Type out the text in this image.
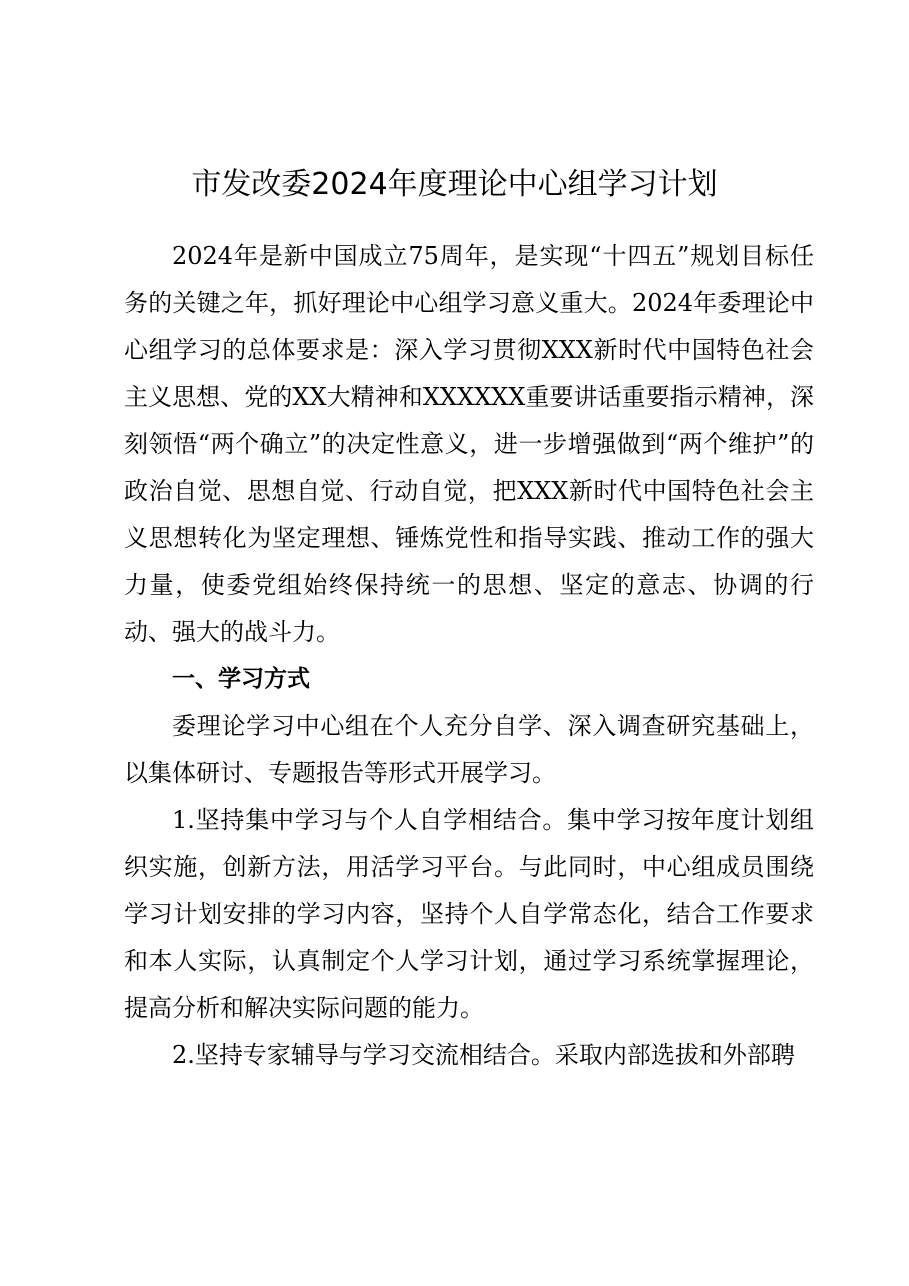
市发改委2024年度理论中心组学习计划

2024年是新中国成立75周年，是实现“十四五”规划目标任务的关键之年，抓好理论中心组学习意义重大。2024年委理论中心组学习的总体要求是：深入学习贯彻XXX新时代中国特色社会主义思想、党的XX大精神和XXXXXX重要讲话重要指示精神，深刻领悟“两个确立”的决定性意义，进一步增强做到“两个维护”的政治自觉、思想自觉、行动自觉，把XXX新时代中国特色社会主义思想转化为坚定理想、锤炼党性和指导实践、推动工作的强大力量，使委党组始终保持统一的思想、坚定的意志、协调的行动、强大的战斗力。

一、学习方式

委理论学习中心组在个人充分自学、深入调查研究基础上，以集体研讨、专题报告等形式开展学习。

1.坚持集中学习与个人自学相结合。集中学习按年度计划组织实施，创新方法，用活学习平台。与此同时，中心组成员围绕学习计划安排的学习内容，坚持个人自学常态化，结合工作要求和本人实际，认真制定个人学习计划，通过学习系统掌握理论，提高分析和解决实际问题的能力。

2.坚持专家辅导与学习交流相结合。采取内部选拔和外部聘
